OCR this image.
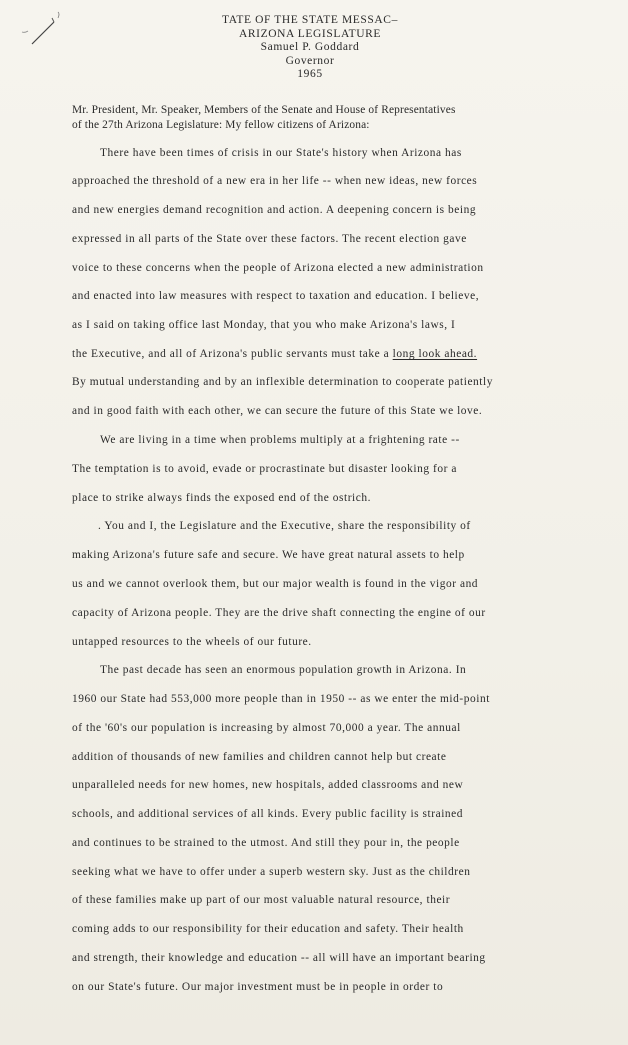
TATE OF THE STATE MESSAC‒
ARIZONA LEGISLATURE
Samuel P. Goddard
Governor
1965
Mr. President, Mr. Speaker, Members of the Senate and House of Representatives
of the 27th Arizona Legislature: My fellow citizens of Arizona:
There have been times of crisis in our State's history when Arizona has
approached the threshold of a new era in her life -- when new ideas, new forces
and new energies demand recognition and action. A deepening concern is being
expressed in all parts of the State over these factors. The recent election gave
voice to these concerns when the people of Arizona elected a new administration
and enacted into law measures with respect to taxation and education. I believe,
as I said on taking office last Monday, that you who make Arizona's laws, I
the Executive, and all of Arizona's public servants must take a long look ahead.
By mutual understanding and by an inflexible determination to cooperate patiently
and in good faith with each other, we can secure the future of this State we love.
We are living in a time when problems multiply at a frightening rate --
The temptation is to avoid, evade or procrastinate but disaster looking for a
place to strike always finds the exposed end of the ostrich.
. You and I, the Legislature and the Executive, share the responsibility of
making Arizona's future safe and secure. We have great natural assets to help
us and we cannot overlook them, but our major wealth is found in the vigor and
capacity of Arizona people. They are the drive shaft connecting the engine of our
untapped resources to the wheels of our future.
The past decade has seen an enormous population growth in Arizona. In
1960 our State had 553,000 more people than in 1950 -- as we enter the mid-point
of the '60's our population is increasing by almost 70,000 a year. The annual
addition of thousands of new families and children cannot help but create
unparalleled needs for new homes, new hospitals, added classrooms and new
schools, and additional services of all kinds. Every public facility is strained
and continues to be strained to the utmost. And still they pour in, the people
seeking what we have to offer under a superb western sky. Just as the children
of these families make up part of our most valuable natural resource, their
coming adds to our responsibility for their education and safety. Their health
and strength, their knowledge and education -- all will have an important bearing
on our State's future. Our major investment must be in people in order to
